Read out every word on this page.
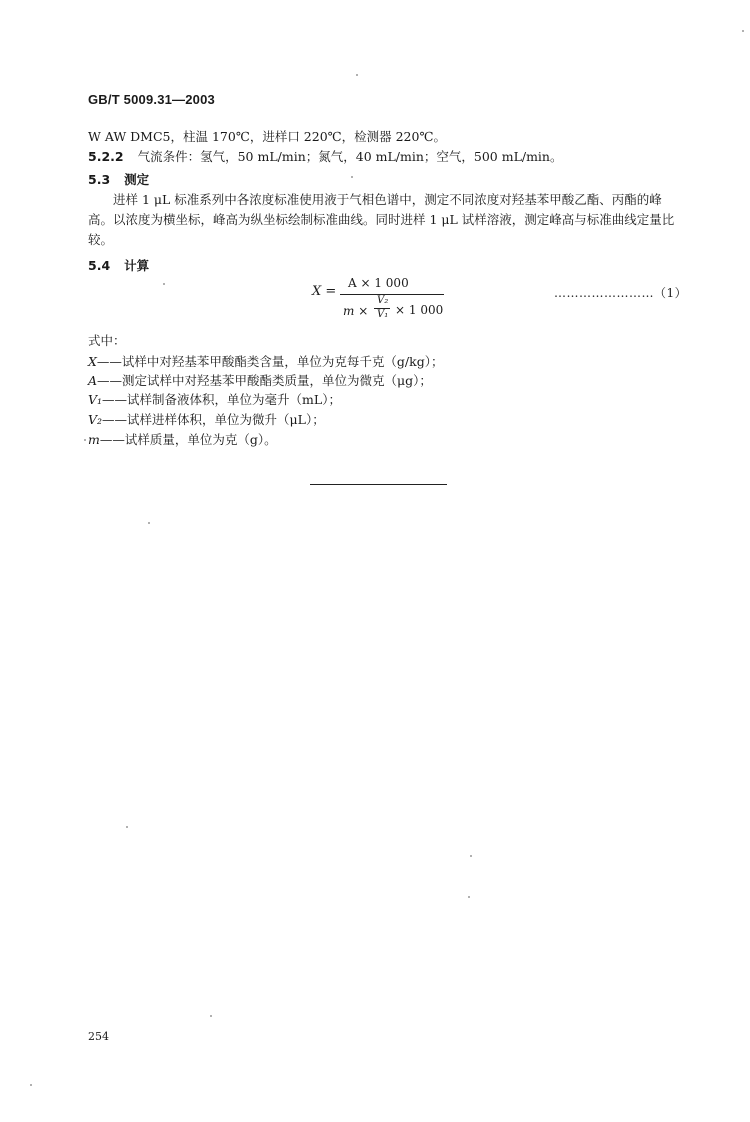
GB/T 5009.31—2003
W AW DMC5，柱温 170℃，进样口 220℃，检测器 220℃。
5.2.2 气流条件：氢气，50 mL/min；氮气，40 mL/min；空气，500 mL/min。
5.3 测定
进样 1 μL 标准系列中各浓度标准使用液于气相色谱中，测定不同浓度对羟基苯甲酸乙酯、丙酯的峰高。以浓度为横坐标，峰高为纵坐标绘制标准曲线。同时进样 1 μL 试样溶液，测定峰高与标准曲线定量比较。
5.4 计算
X =
A × 1 000
m ×
V₂
V₁ × 1 000
……………………（1）
式中：
X——试样中对羟基苯甲酸酯类含量，单位为克每千克（g/kg）；
A——测定试样中对羟基苯甲酸酯类质量，单位为微克（μg）；
V₁——试样制备液体积，单位为毫升（mL）；
V₂——试样进样体积，单位为微升（μL）；
m——试样质量，单位为克（g）。
254
